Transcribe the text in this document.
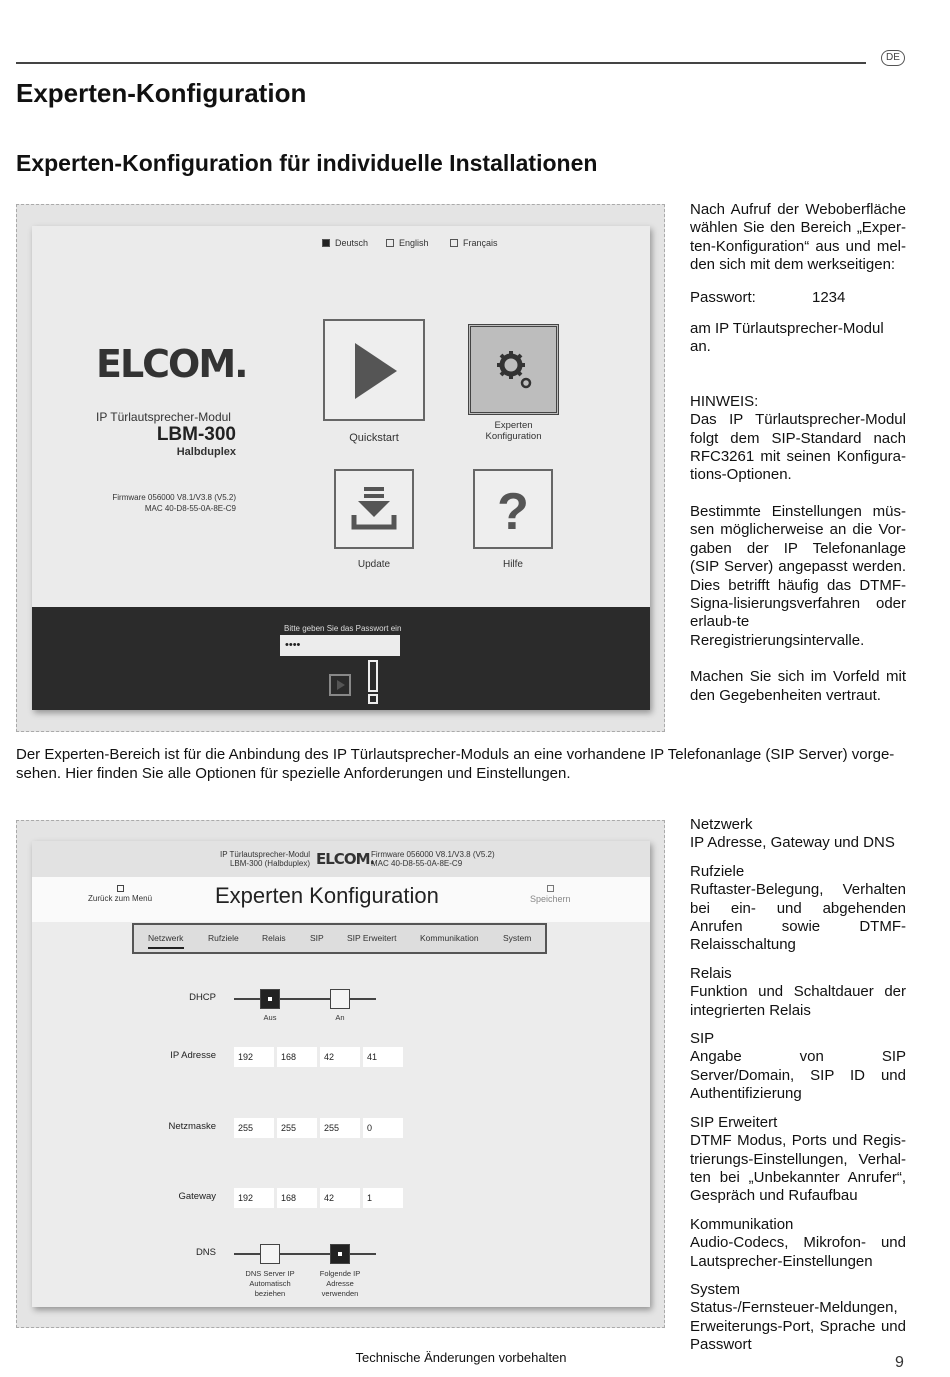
DE
Experten-Konfiguration
Experten-Konfiguration für individuelle Installationen
Deutsch	English	Français
ELCOM.
IP Türlautsprecher-Modul
LBM-300
Halbduplex
Firmware 056000 V8.1/V3.8 (V5.2)
MAC 40-D8-55-0A-8E-C9
Quickstart
Experten
Konfiguration
Update
?
Hilfe
Bitte geben Sie das Passwort ein
••••

Nach Aufruf der Weboberfläche wählen Sie den Bereich „Exper-ten-Konfiguration“ aus und mel-den sich mit dem werkseitigen:

Passwort:	1234

am IP Türlautsprecher-Modul an.

HINWEIS:

Das IP Türlautsprecher-Modul folgt dem SIP-Standard nach RFC3261 mit seinen Konfigura-tions-Optionen.

Bestimmte Einstellungen müs-sen möglicherweise an die Vor-gaben der IP Telefonanlage (SIP Server) angepasst werden. Dies betrifft häufig das DTMF-Signa-lisierungsverfahren oder erlaub-te Reregistrierungsintervalle.

Machen Sie sich im Vorfeld mit den Gegebenheiten vertraut.

Der Experten-Bereich ist für die Anbindung des IP Türlautsprecher-Moduls an eine vorhandene IP Telefonanlage (SIP Server) vorge-sehen. Hier finden Sie alle Optionen für spezielle Anforderungen und Einstellungen.
IP Türlautsprecher-Modul
LBM-300 (Halbduplex) ELCOM.
Firmware 056000 V8.1/V3.8 (V5.2)
MAC 40-D8-55-0A-8E-C9
Zurück zum Menü	Experten Konfiguration	Speichern
Netzwerk	Rufziele	Relais	SIP	SIP Erweitert	Kommunikation	System
DHCP
Aus	An
IP Adresse	192	168	42	41
Netzmaske	255	255	255	0
Gateway	192	168	42	1
DNS
DNS Server IP
Automatisch
beziehen
Folgende IP
Adresse
verwenden

Netzwerk
IP Adresse, Gateway und DNS

Rufziele
Ruftaster-Belegung, Verhalten bei ein- und abgehenden Anrufen sowie DTMF-Relaisschaltung

Relais
Funktion und Schaltdauer der integrierten Relais

SIP
Angabe von SIP Server/Domain, SIP ID und Authentifizierung

SIP Erweitert
DTMF Modus, Ports und Regis-trierungs-Einstellungen, Verhal-ten bei „Unbekannter Anrufer“, Gespräch und Rufaufbau

Kommunikation
Audio-Codecs, Mikrofon- und Lautsprecher-Einstellungen

System
Status-/Fernsteuer-Meldungen, Erweiterungs-Port, Sprache und Passwort

Technische Änderungen vorbehalten	9
